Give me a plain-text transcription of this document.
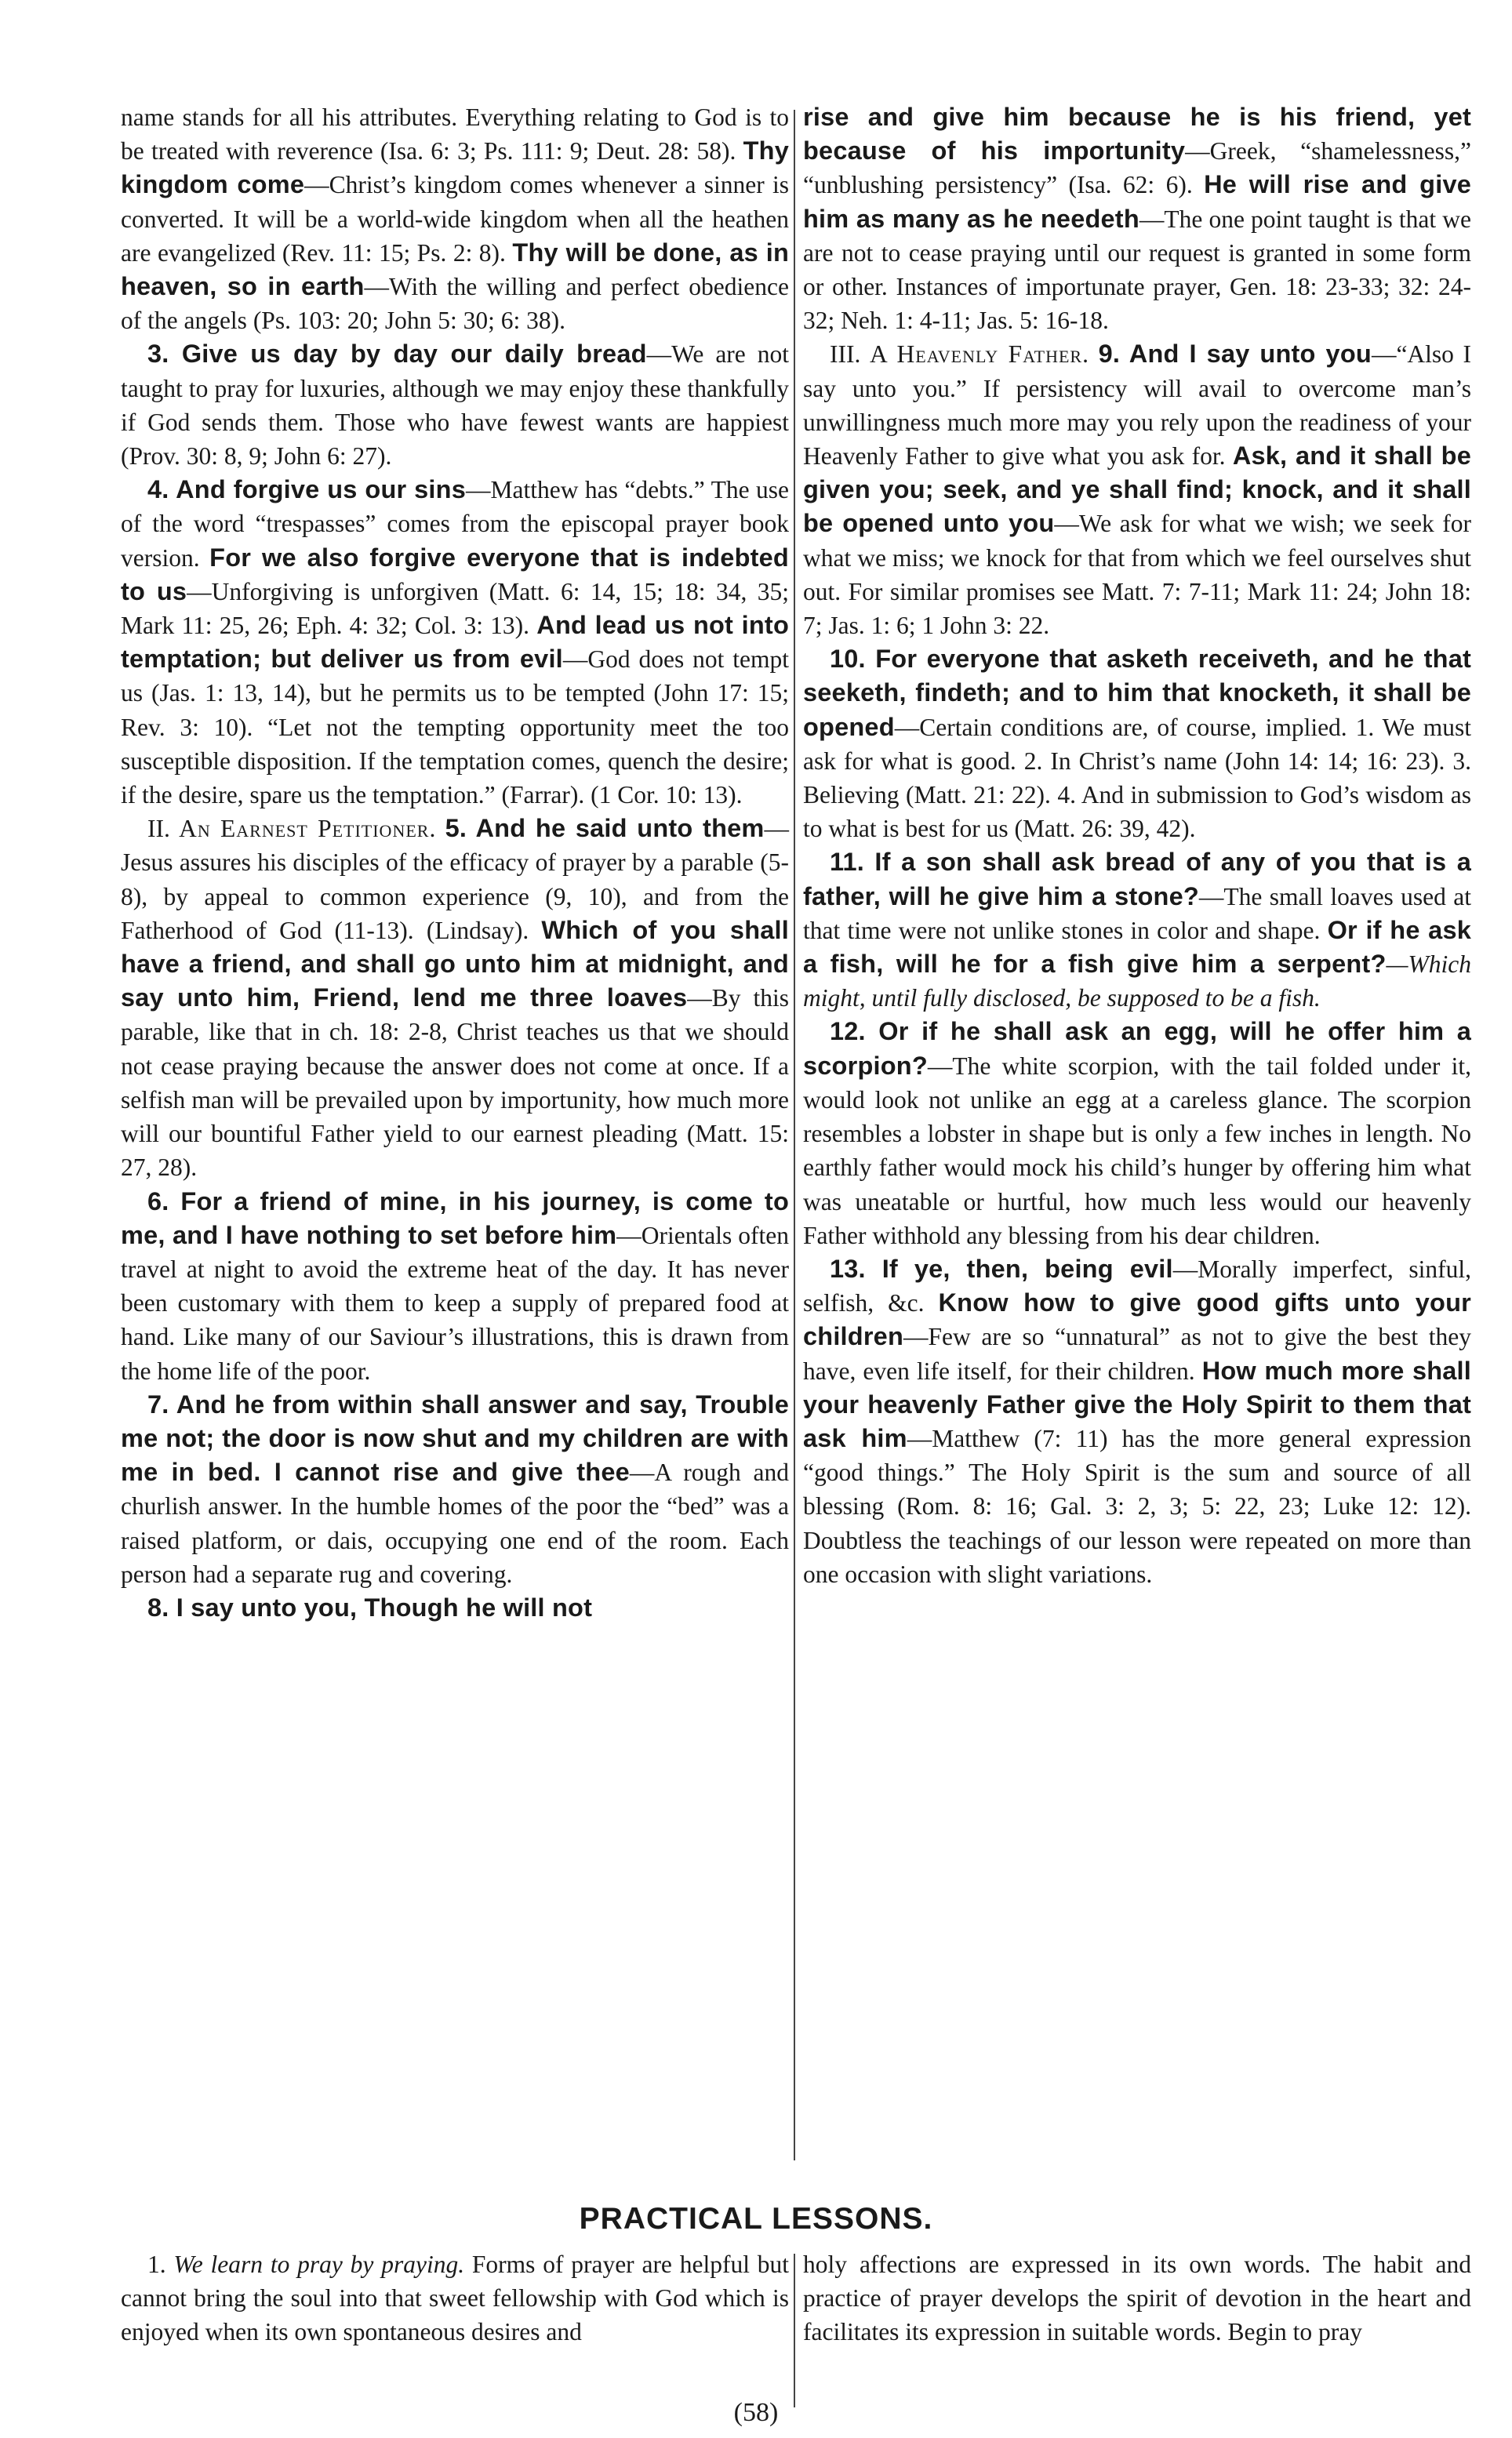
name stands for all his attributes. Everything relating to God is to be treated with reverence (Isa. 6: 3; Ps. 111: 9; Deut. 28: 58). Thy kingdom come—Christ’s kingdom comes whenever a sinner is converted. It will be a world-wide kingdom when all the heathen are evangelized (Rev. 11: 15; Ps. 2: 8). Thy will be done, as in heaven, so in earth—With the willing and perfect obedience of the angels (Ps. 103: 20; John 5: 30; 6: 38).

3. Give us day by day our daily bread—We are not taught to pray for luxuries, although we may enjoy these thankfully if God sends them. Those who have fewest wants are happiest (Prov. 30: 8, 9; John 6: 27).

4. And forgive us our sins—Matthew has “debts.” The use of the word “trespasses” comes from the episcopal prayer book version. For we also forgive everyone that is indebted to us—Unforgiving is unforgiven (Matt. 6: 14, 15; 18: 34, 35; Mark 11: 25, 26; Eph. 4: 32; Col. 3: 13). And lead us not into temptation; but deliver us from evil—God does not tempt us (Jas. 1: 13, 14), but he permits us to be tempted (John 17: 15; Rev. 3: 10). “Let not the tempting opportunity meet the too susceptible disposition. If the temptation comes, quench the desire; if the desire, spare us the temptation.” (Farrar). (1 Cor. 10: 13).

II. An Earnest Petitioner. 5. And he said unto them—Jesus assures his disciples of the efficacy of prayer by a parable (5-8), by appeal to common experience (9, 10), and from the Fatherhood of God (11-13). (Lindsay). Which of you shall have a friend, and shall go unto him at midnight, and say unto him, Friend, lend me three loaves—By this parable, like that in ch. 18: 2-8, Christ teaches us that we should not cease praying because the answer does not come at once. If a selfish man will be prevailed upon by importunity, how much more will our bountiful Father yield to our earnest pleading (Matt. 15: 27, 28).

6. For a friend of mine, in his journey, is come to me, and I have nothing to set before him—Orientals often travel at night to avoid the extreme heat of the day. It has never been customary with them to keep a supply of prepared food at hand. Like many of our Saviour’s illustrations, this is drawn from the home life of the poor.

7. And he from within shall answer and say, Trouble me not; the door is now shut and my children are with me in bed. I cannot rise and give thee—A rough and churlish answer. In the humble homes of the poor the “bed” was a raised platform, or dais, occupying one end of the room. Each person had a separate rug and covering.

8. I say unto you, Though he will not

rise and give him because he is his friend, yet because of his importunity—Greek, “shamelessness,” “unblushing persistency” (Isa. 62: 6). He will rise and give him as many as he needeth—The one point taught is that we are not to cease praying until our request is granted in some form or other. Instances of importunate prayer, Gen. 18: 23-33; 32: 24-32; Neh. 1: 4-11; Jas. 5: 16-18.

III. A Heavenly Father. 9. And I say unto you—“Also I say unto you.” If persistency will avail to overcome man’s unwillingness much more may you rely upon the readiness of your Heavenly Father to give what you ask for. Ask, and it shall be given you; seek, and ye shall find; knock, and it shall be opened unto you—We ask for what we wish; we seek for what we miss; we knock for that from which we feel ourselves shut out. For similar promises see Matt. 7: 7-11; Mark 11: 24; John 18: 7; Jas. 1: 6; 1 John 3: 22.

10. For everyone that asketh receiveth, and he that seeketh, findeth; and to him that knocketh, it shall be opened—Certain conditions are, of course, implied. 1. We must ask for what is good. 2. In Christ’s name (John 14: 14; 16: 23). 3. Believing (Matt. 21: 22). 4. And in submission to God’s wisdom as to what is best for us (Matt. 26: 39, 42).

11. If a son shall ask bread of any of you that is a father, will he give him a stone?—The small loaves used at that time were not unlike stones in color and shape. Or if he ask a fish, will he for a fish give him a serpent?—Which might, until fully disclosed, be supposed to be a fish.

12. Or if he shall ask an egg, will he offer him a scorpion?—The white scorpion, with the tail folded under it, would look not unlike an egg at a careless glance. The scorpion resembles a lobster in shape but is only a few inches in length. No earthly father would mock his child’s hunger by offering him what was uneatable or hurtful, how much less would our heavenly Father withhold any blessing from his dear children.

13. If ye, then, being evil—Morally imperfect, sinful, selfish, &c. Know how to give good gifts unto your children—Few are so “unnatural” as not to give the best they have, even life itself, for their children. How much more shall your heavenly Father give the Holy Spirit to them that ask him—Matthew (7: 11) has the more general expression “good things.” The Holy Spirit is the sum and source of all blessing (Rom. 8: 16; Gal. 3: 2, 3; 5: 22, 23; Luke 12: 12). Doubtless the teachings of our lesson were repeated on more than one occasion with slight variations.

PRACTICAL LESSONS.

1. We learn to pray by praying. Forms of prayer are helpful but cannot bring the soul into that sweet fellowship with God which is enjoyed when its own spontaneous desires and

holy affections are expressed in its own words. The habit and practice of prayer develops the spirit of devotion in the heart and facilitates its expression in suitable words. Begin to pray

(58)
